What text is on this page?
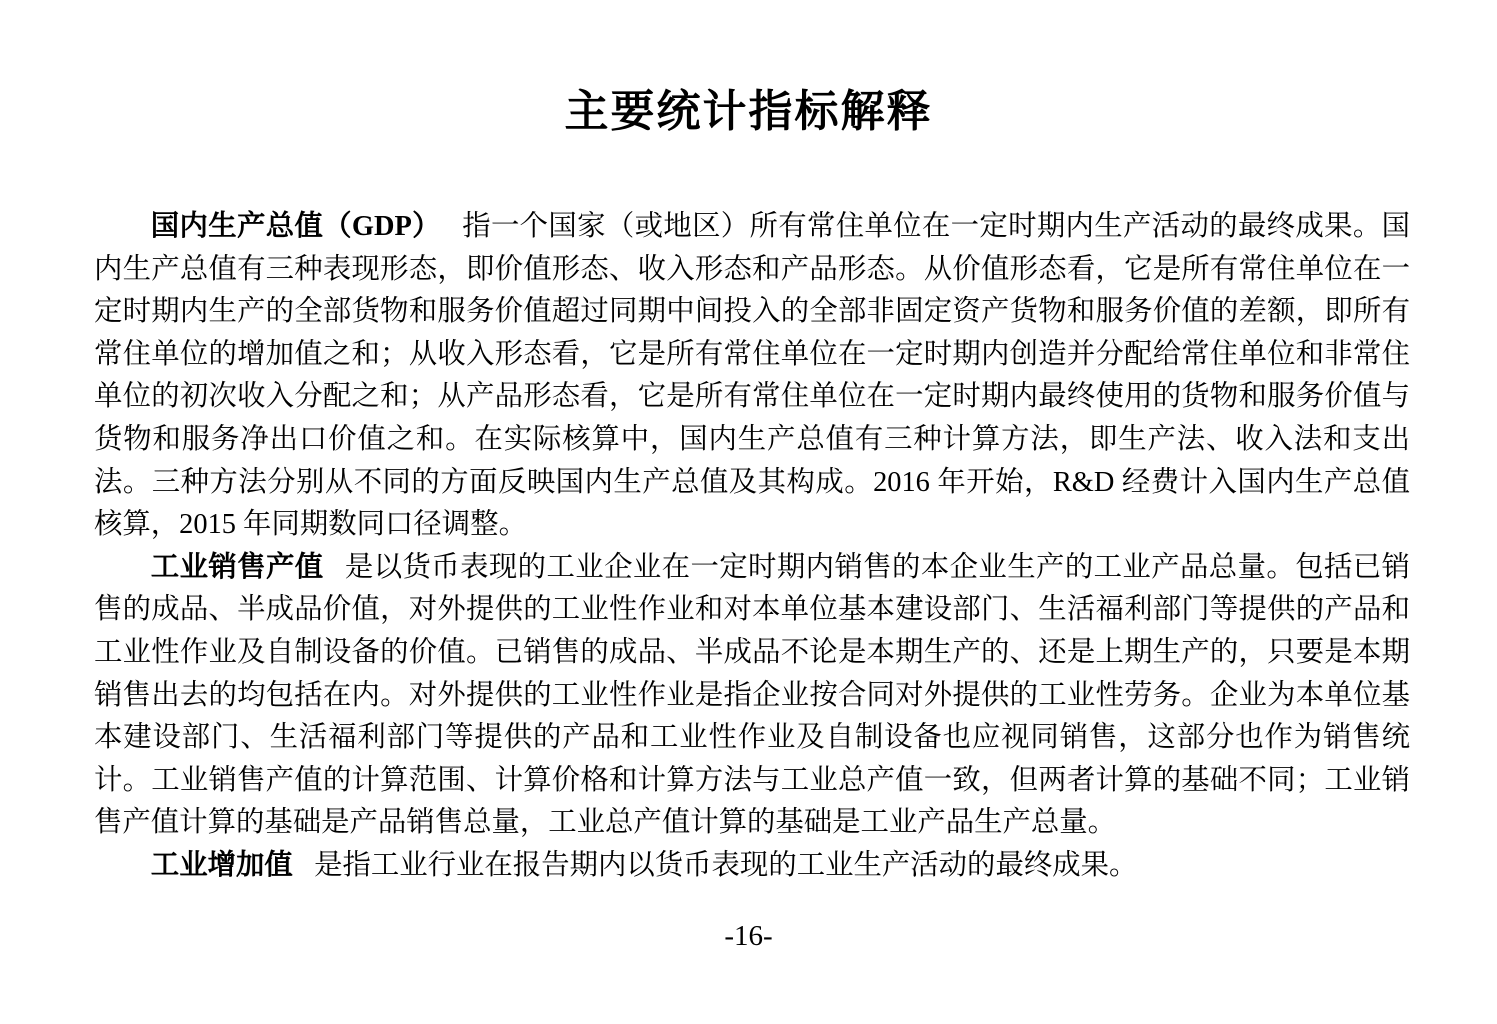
主要统计指标解释

国内生产总值（GDP） 指一个国家（或地区）所有常住单位在一定时期内生产活动的最终成果。国内生产总值有三种表现形态，即价值形态、收入形态和产品形态。从价值形态看，它是所有常住单位在一定时期内生产的全部货物和服务价值超过同期中间投入的全部非固定资产货物和服务价值的差额，即所有常住单位的增加值之和；从收入形态看，它是所有常住单位在一定时期内创造并分配给常住单位和非常住单位的初次收入分配之和；从产品形态看，它是所有常住单位在一定时期内最终使用的货物和服务价值与货物和服务净出口价值之和。在实际核算中，国内生产总值有三种计算方法，即生产法、收入法和支出法。三种方法分别从不同的方面反映国内生产总值及其构成。2016 年开始，R&D 经费计入国内生产总值核算，2015 年同期数同口径调整。

工业销售产值 是以货币表现的工业企业在一定时期内销售的本企业生产的工业产品总量。包括已销售的成品、半成品价值，对外提供的工业性作业和对本单位基本建设部门、生活福利部门等提供的产品和工业性作业及自制设备的价值。已销售的成品、半成品不论是本期生产的、还是上期生产的，只要是本期销售出去的均包括在内。对外提供的工业性作业是指企业按合同对外提供的工业性劳务。企业为本单位基本建设部门、生活福利部门等提供的产品和工业性作业及自制设备也应视同销售，这部分也作为销售统计。工业销售产值的计算范围、计算价格和计算方法与工业总产值一致，但两者计算的基础不同；工业销售产值计算的基础是产品销售总量，工业总产值计算的基础是工业产品生产总量。

工业增加值 是指工业行业在报告期内以货币表现的工业生产活动的最终成果。

-16-
